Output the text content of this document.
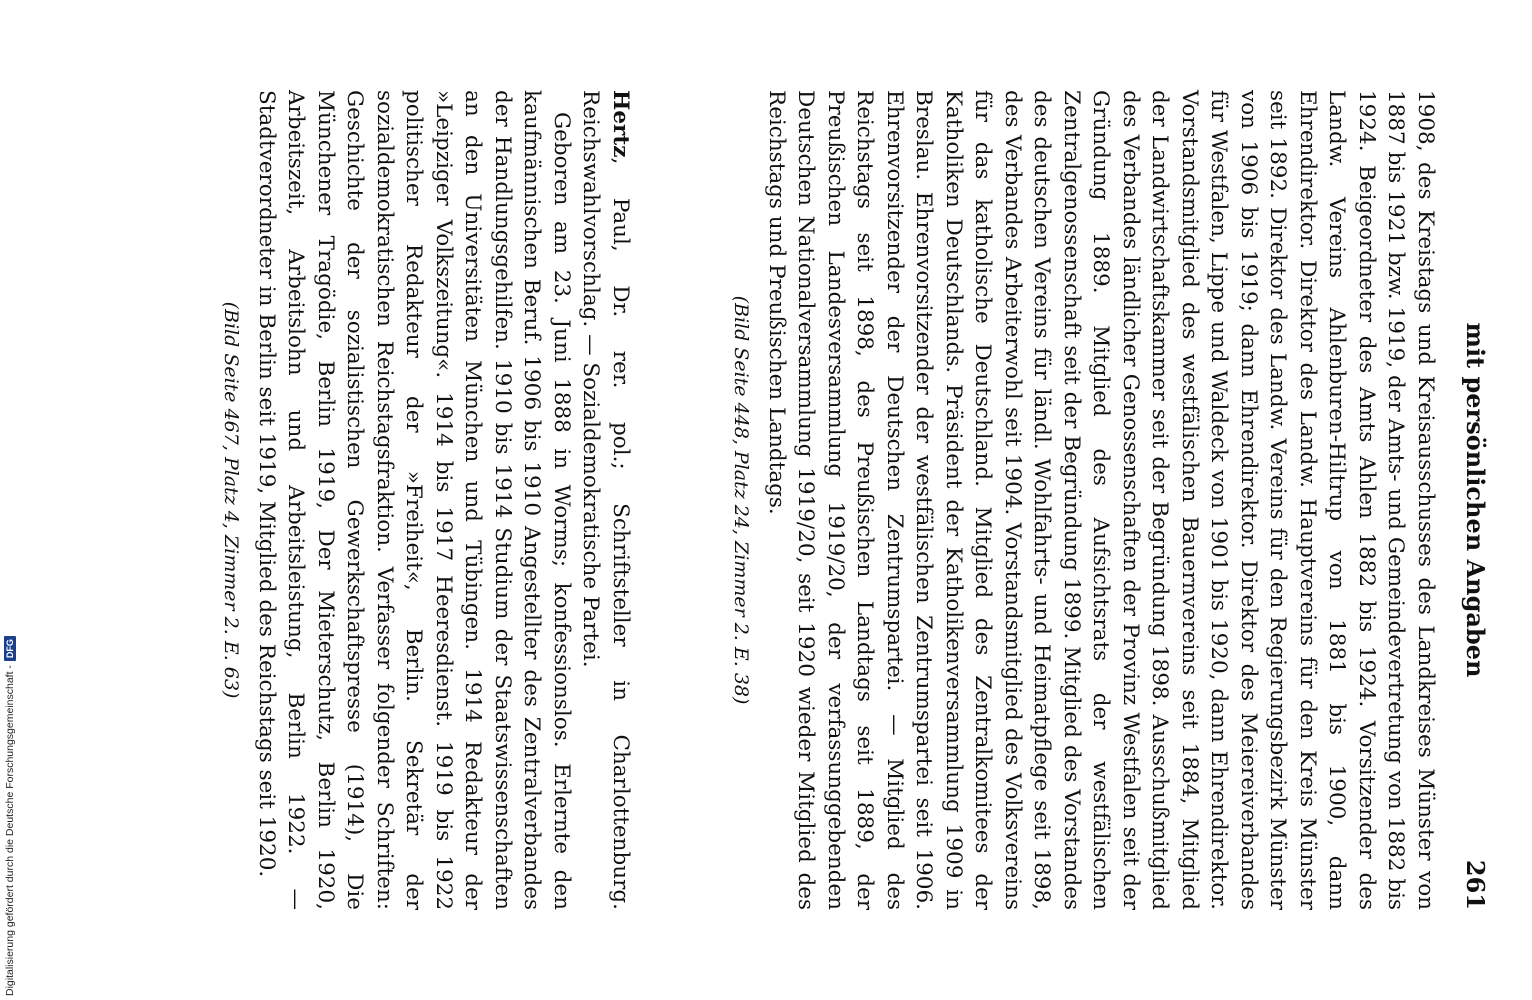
mit persönlichen Angaben
261
1908, des Kreistags und Kreisausschusses des Landkreises Münster von 1887 bis 1921 bzw. 1919, der Amts- und Gemeindevertretung von 1882 bis 1924. Beigeordneter des Amts Ahlen 1882 bis 1924. Vorsitzender des Landw. Vereins Ahlenburen-Hiltrup von 1881 bis 1900, dann Ehrendirektor. Direktor des Landw. Hauptvereins für den Kreis Münster seit 1892. Direktor des Landw. Vereins für den Regierungsbezirk Münster von 1906 bis 1919; dann Ehrendirektor. Direktor des Meiereiverbandes für Westfalen, Lippe und Waldeck von 1901 bis 1920, dann Ehrendirektor. Vorstandsmitglied des westfälischen Bauernvereins seit 1884, Mitglied der Landwirtschaftskammer seit der Begründung 1898. Ausschußmitglied des Verbandes ländlicher Genossenschaften der Provinz Westfalen seit der Gründung 1889. Mitglied des Aufsichtsrats der westfälischen Zentralgenossenschaft seit der Begründung 1899. Mitglied des Vorstandes des deutschen Vereins für ländl. Wohlfahrts- und Heimatpflege seit 1898, des Verbandes Arbeiterwohl seit 1904. Vorstandsmitglied des Volksvereins für das katholische Deutschland. Mitglied des Zentralkomitees der Katholiken Deutschlands. Präsident der Katholikenversammlung 1909 in Breslau. Ehrenvorsitzender der westfälischen Zentrumspartei seit 1906. Ehrenvorsitzender der Deutschen Zentrumspartei. — Mitglied des Reichstags seit 1898, des Preußischen Landtags seit 1889, der Preußischen Landesversammlung 1919/20, der verfassunggebenden Deutschen Nationalversammlung 1919/20, seit 1920 wieder Mitglied des Reichstags und Preußischen Landtags.
(Bild Seite 448, Platz 24, Zimmer 2. E. 38)
Hertz, Paul, Dr. rer. pol.; Schriftsteller in Charlottenburg. Reichswahlvorschlag. — Sozialdemokratische Partei.
Geboren am 23. Juni 1888 in Worms; konfessionslos. Erlernte den kaufmännischen Beruf. 1906 bis 1910 Angestellter des Zentralverbandes der Handlungsgehilfen. 1910 bis 1914 Studium der Staatswissenschaften an den Universitäten München und Tübingen. 1914 Redakteur der »Leipziger Volkszeitung«. 1914 bis 1917 Heeresdienst. 1919 bis 1922 politischer Redakteur der »Freiheit«, Berlin. Sekretär der sozialdemokratischen Reichstagsfraktion. Verfasser folgender Schriften: Geschichte der sozialistischen Gewerkschaftspresse (1914), Die Münchener Tragödie, Berlin 1919, Der Mieterschutz, Berlin 1920, Arbeitszeit, Arbeitslohn und Arbeitsleistung, Berlin 1922. — Stadtverordneter in Berlin seit 1919, Mitglied des Reichstags seit 1920.
(Bild Seite 467, Platz 4, Zimmer 2. E. 63)
Digitalisierung gefördert durch die Deutsche Forschungsgemeinschaft -
DFG
